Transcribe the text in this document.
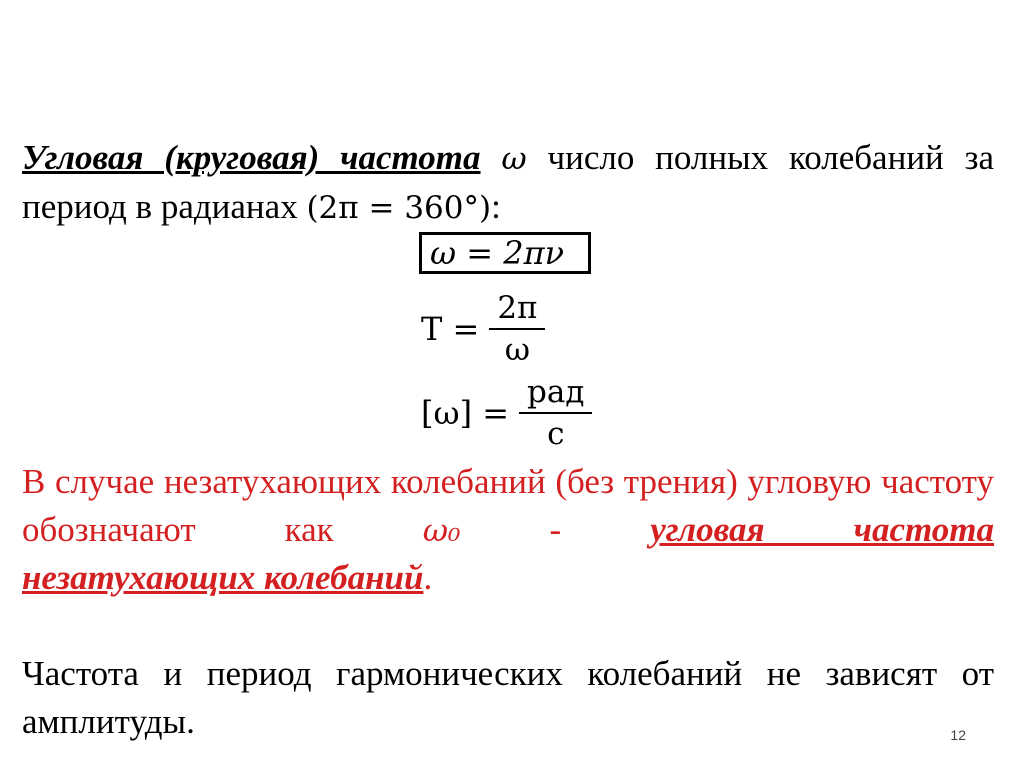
Угловая (круговая) частота ω число полных колебаний за период в радианах (2π = 360°):

ω = 2πν
$T = \frac{2\pi}{\omega}$
$[\omega] = \frac{\text{рад}}{с}$

В случае незатухающих колебаний (без трения) угловую частоту обозначают как	ω₀ - угловая частота

незатухающих колебаний.

Частота и период гармонических колебаний не зависят от амплитуды.	12
